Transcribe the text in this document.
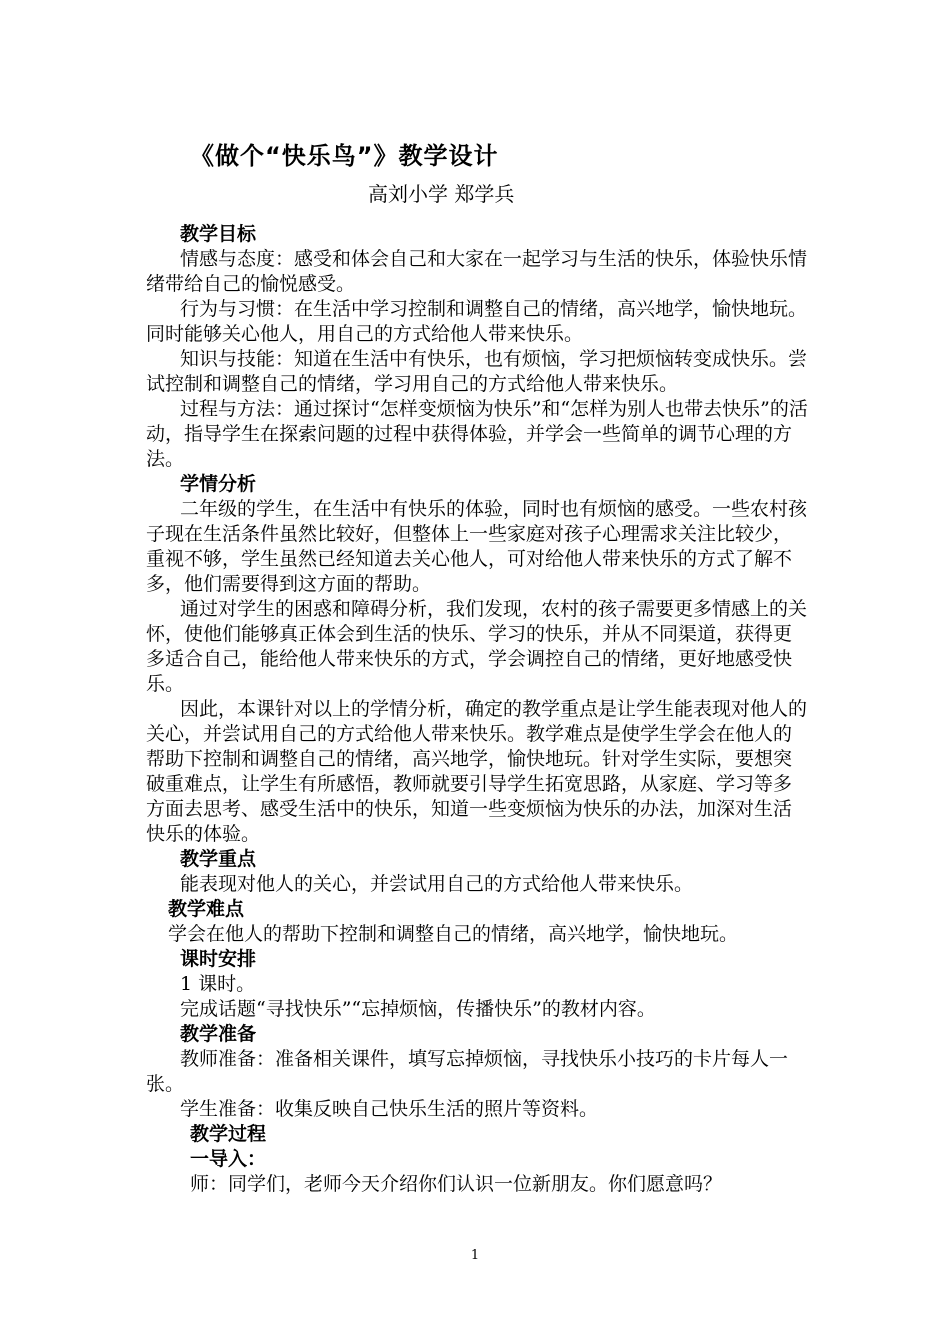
《做个“快乐鸟”》教学设计
高刘小学 郑学兵

教学目标

情感与态度：感受和体会自己和大家在一起学习与生活的快乐，体验快乐情绪带给自己的愉悦感受。

行为与习惯：在生活中学习控制和调整自己的情绪，高兴地学，愉快地玩。同时能够关心他人，用自己的方式给他人带来快乐。

知识与技能：知道在生活中有快乐，也有烦恼，学习把烦恼转变成快乐。尝试控制和调整自己的情绪，学习用自己的方式给他人带来快乐。

过程与方法：通过探讨“怎样变烦恼为快乐”和“怎样为别人也带去快乐”的活动，指导学生在探索问题的过程中获得体验，并学会一些简单的调节心理的方法。

学情分析

二年级的学生，在生活中有快乐的体验，同时也有烦恼的感受。一些农村孩子现在生活条件虽然比较好，但整体上一些家庭对孩子心理需求关注比较少，重视不够，学生虽然已经知道去关心他人，可对给他人带来快乐的方式了解不多，他们需要得到这方面的帮助。

通过对学生的困惑和障碍分析，我们发现，农村的孩子需要更多情感上的关怀，使他们能够真正体会到生活的快乐、学习的快乐，并从不同渠道，获得更多适合自己，能给他人带来快乐的方式，学会调控自己的情绪，更好地感受快乐。

因此，本课针对以上的学情分析，确定的教学重点是让学生能表现对他人的关心，并尝试用自己的方式给他人带来快乐。教学难点是使学生学会在他人的帮助下控制和调整自己的情绪，高兴地学，愉快地玩。针对学生实际，要想突破重难点，让学生有所感悟，教师就要引导学生拓宽思路，从家庭、学习等多方面去思考、感受生活中的快乐，知道一些变烦恼为快乐的办法，加深对生活快乐的体验。

教学重点

能表现对他人的关心，并尝试用自己的方式给他人带来快乐。

教学难点

学会在他人的帮助下控制和调整自己的情绪，高兴地学，愉快地玩。

课时安排

1 课时。

完成话题“寻找快乐”“忘掉烦恼，传播快乐”的教材内容。

教学准备

教师准备：准备相关课件，填写忘掉烦恼，寻找快乐小技巧的卡片每人一张。

学生准备：收集反映自己快乐生活的照片等资料。

教学过程

一导入：

师：同学们，老师今天介绍你们认识一位新朋友。你们愿意吗？

1
